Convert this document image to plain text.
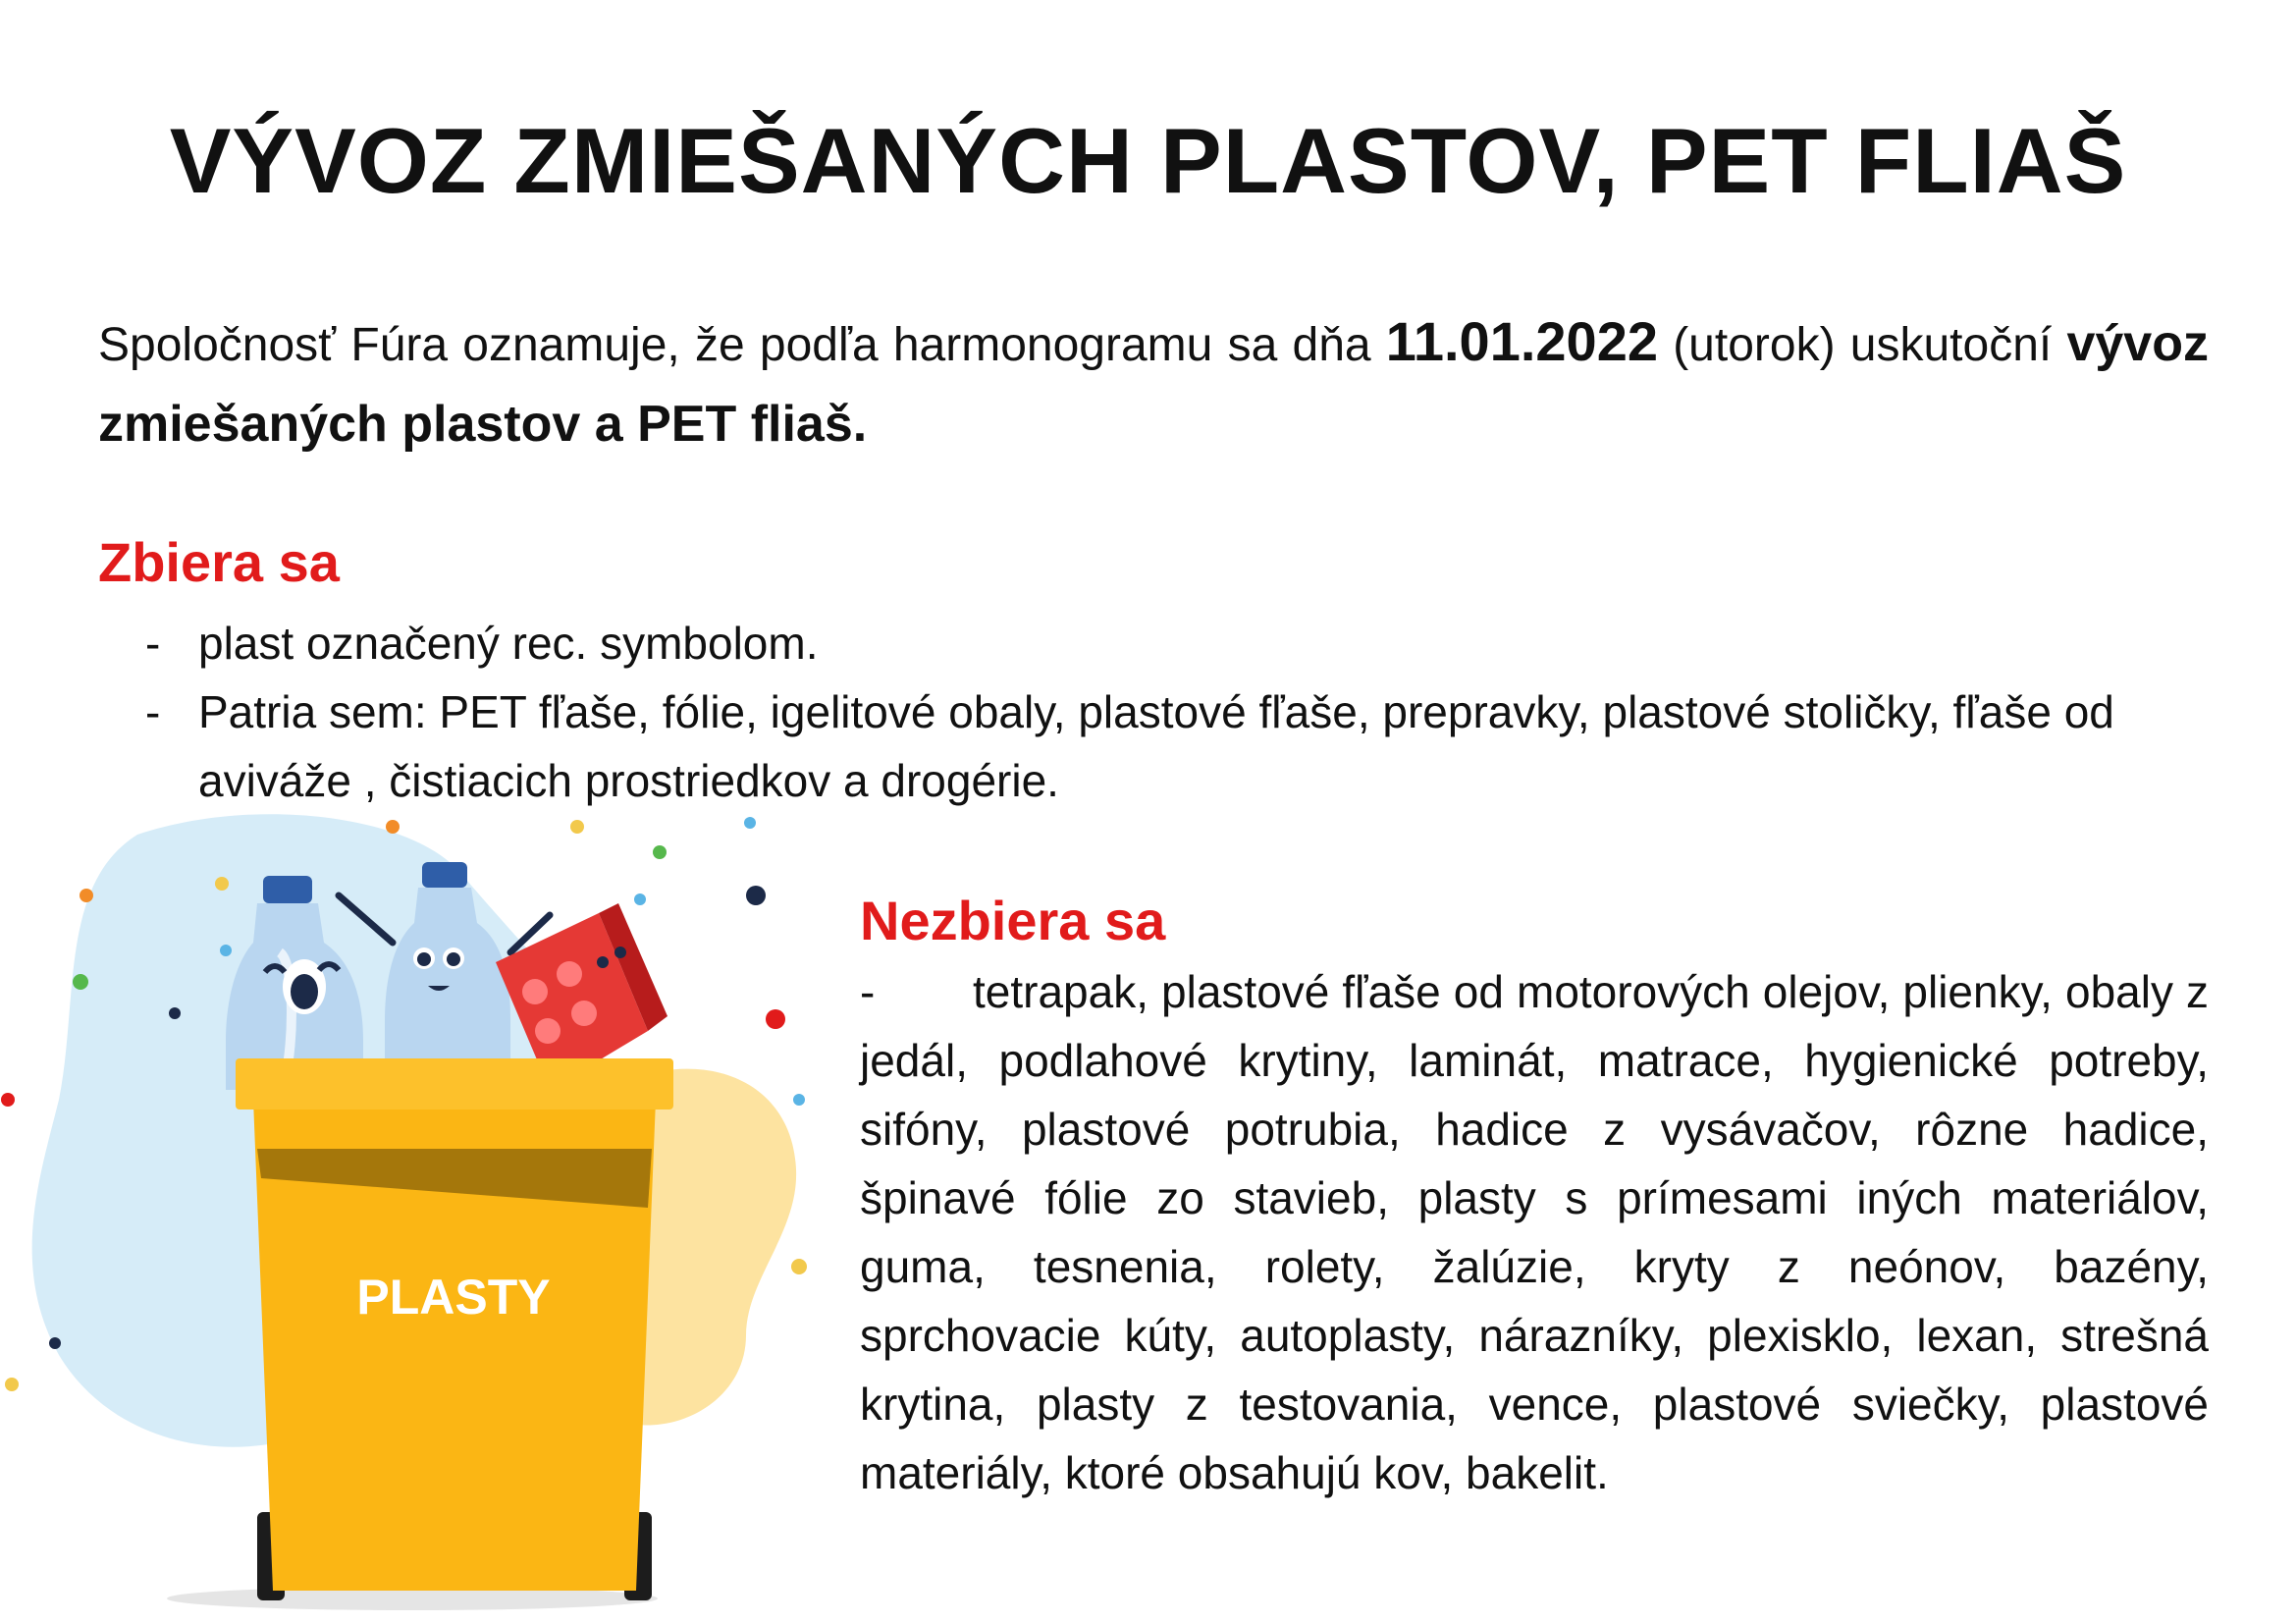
VÝVOZ ZMIEŠANÝCH PLASTOV, PET FLIAŠ

Spoločnosť Fúra oznamuje, že podľa harmonogramu sa dňa 11.01.2022 (utorok) uskutoční vývoz zmiešaných plastov a PET fliaš.

Zbiera sa
- plast označený rec. symbolom.
- Patria sem: PET fľaše, fólie, igelitové obaly, plastové fľaše, prepravky, plastové stoličky, fľaše od aviváže , čistiacich prostriedkov a drogérie.
Nezbiera sa

- tetrapak, plastové fľaše od motorových olejov, plienky, obaly z jedál, podlahové krytiny, laminát, matrace, hygienické potreby, sifóny, plastové potrubia, hadice z vysávačov, rôzne hadice, špinavé fólie zo stavieb, plasty s prímesami iných materiálov, guma, tesnenia, rolety, žalúzie, kryty z neónov, bazény, sprchovacie kúty, autoplasty, nárazníky, plexisklo, lexan, strešná krytina, plasty z testovania, vence, plastové sviečky, plastové materiály, ktoré obsahujú kov, bakelit.

PLASTY
